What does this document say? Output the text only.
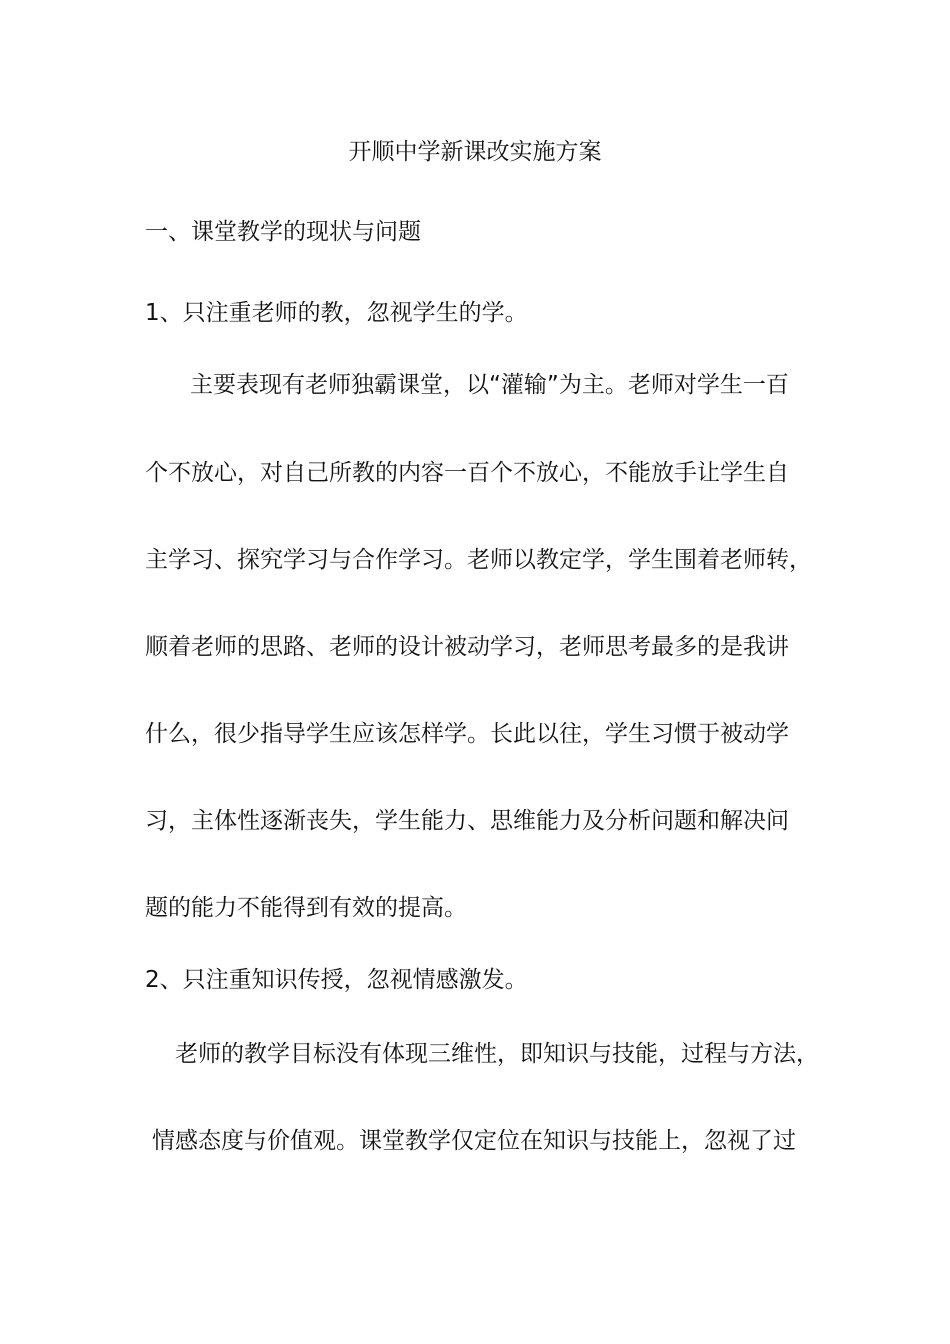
开顺中学新课改实施方案
一、课堂教学的现状与问题
1、只注重老师的教，忽视学生的学。
主要表现有老师独霸课堂，以“灌输”为主。老师对学生一百
个不放心，对自己所教的内容一百个不放心，不能放手让学生自
主学习、探究学习与合作学习。老师以教定学，学生围着老师转，
顺着老师的思路、老师的设计被动学习，老师思考最多的是我讲
什么，很少指导学生应该怎样学。长此以往，学生习惯于被动学
习，主体性逐渐丧失，学生能力、思维能力及分析问题和解决问
题的能力不能得到有效的提高。
2、只注重知识传授，忽视情感激发。
老师的教学目标没有体现三维性，即知识与技能，过程与方法，
情感态度与价值观。课堂教学仅定位在知识与技能上，忽视了过
